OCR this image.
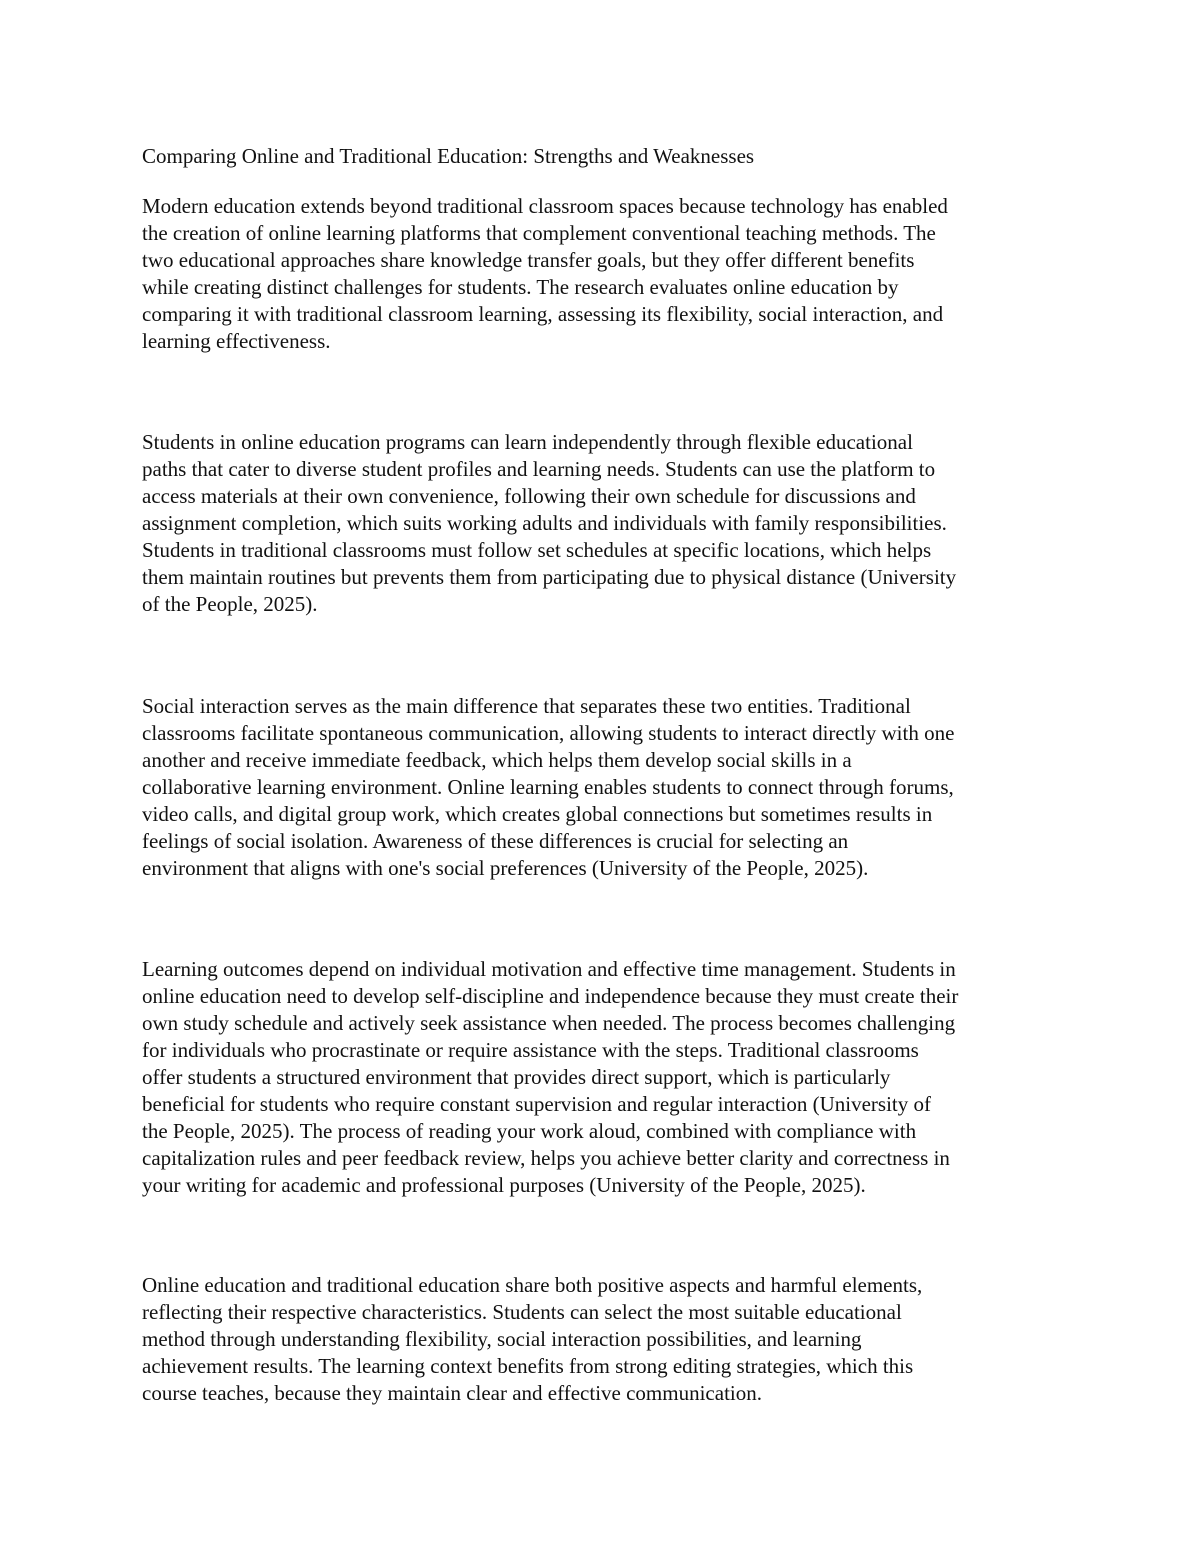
Comparing Online and Traditional Education: Strengths and Weaknesses

Modern education extends beyond traditional classroom spaces because technology has enabled
the creation of online learning platforms that complement conventional teaching methods. The
two educational approaches share knowledge transfer goals, but they offer different benefits
while creating distinct challenges for students. The research evaluates online education by
comparing it with traditional classroom learning, assessing its flexibility, social interaction, and
learning effectiveness.

Students in online education programs can learn independently through flexible educational
paths that cater to diverse student profiles and learning needs. Students can use the platform to
access materials at their own convenience, following their own schedule for discussions and
assignment completion, which suits working adults and individuals with family responsibilities.
Students in traditional classrooms must follow set schedules at specific locations, which helps
them maintain routines but prevents them from participating due to physical distance (University
of the People, 2025).

Social interaction serves as the main difference that separates these two entities. Traditional
classrooms facilitate spontaneous communication, allowing students to interact directly with one
another and receive immediate feedback, which helps them develop social skills in a
collaborative learning environment. Online learning enables students to connect through forums,
video calls, and digital group work, which creates global connections but sometimes results in
feelings of social isolation. Awareness of these differences is crucial for selecting an
environment that aligns with one's social preferences (University of the People, 2025).

Learning outcomes depend on individual motivation and effective time management. Students in
online education need to develop self-discipline and independence because they must create their
own study schedule and actively seek assistance when needed. The process becomes challenging
for individuals who procrastinate or require assistance with the steps. Traditional classrooms
offer students a structured environment that provides direct support, which is particularly
beneficial for students who require constant supervision and regular interaction (University of
the People, 2025). The process of reading your work aloud, combined with compliance with
capitalization rules and peer feedback review, helps you achieve better clarity and correctness in
your writing for academic and professional purposes (University of the People, 2025).

Online education and traditional education share both positive aspects and harmful elements,
reflecting their respective characteristics. Students can select the most suitable educational
method through understanding flexibility, social interaction possibilities, and learning
achievement results. The learning context benefits from strong editing strategies, which this
course teaches, because they maintain clear and effective communication.
